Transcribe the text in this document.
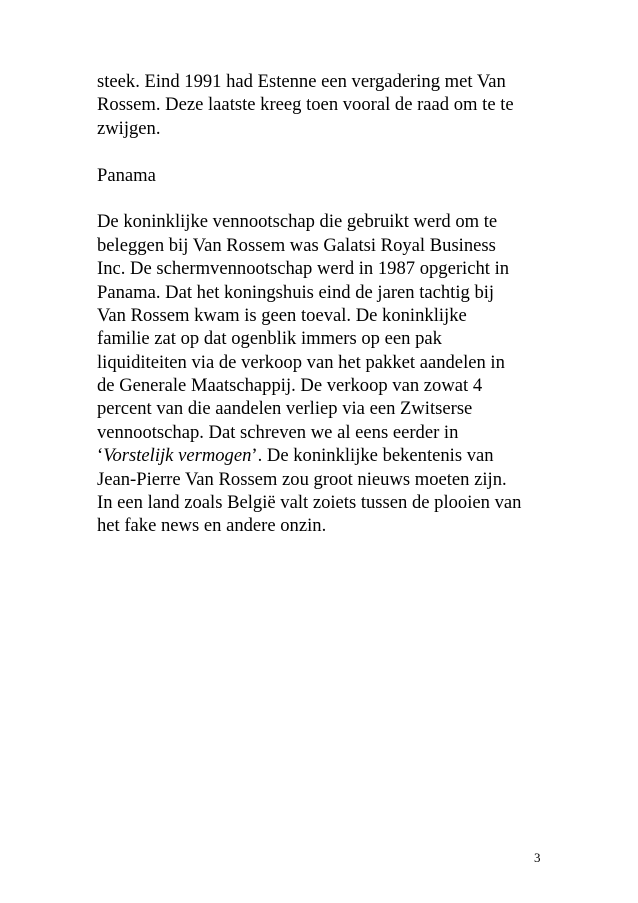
steek. Eind 1991 had Estenne een vergadering met Van
Rossem. Deze laatste kreeg toen vooral de raad om te te
zwijgen.
Panama
De koninklijke vennootschap die gebruikt werd om te
beleggen bij Van Rossem was Galatsi Royal Business
Inc. De schermvennootschap werd in 1987 opgericht in
Panama. Dat het koningshuis eind de jaren tachtig bij
Van Rossem kwam is geen toeval. De koninklijke
familie zat op dat ogenblik immers op een pak
liquiditeiten via de verkoop van het pakket aandelen in
de Generale Maatschappij. De verkoop van zowat 4
percent van die aandelen verliep via een Zwitserse
vennootschap. Dat schreven we al eens eerder in
‘Vorstelijk vermogen’. De koninklijke bekentenis van
Jean-Pierre Van Rossem zou groot nieuws moeten zijn.
In een land zoals België valt zoiets tussen de plooien van
het fake news en andere onzin.
3
